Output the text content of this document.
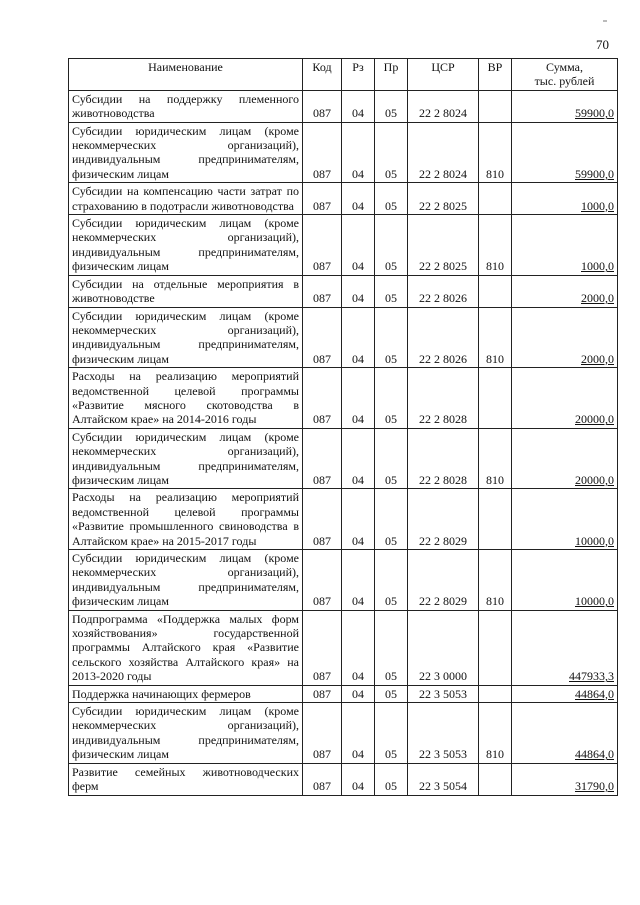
70
Наименование	Код	Рз	Пр	ЦСР	ВР	Сумма,
тыс. рублей
Субсидии на поддержку племенного животноводства	087	04	05	22 2 8024		59900,0
Субсидии юридическим лицам (кроме некоммерческих организаций), индивидуальным предпринимателям, физическим лицам	087	04	05	22 2 8024	810	59900,0
Субсидии на компенсацию части затрат по страхованию в подотрасли животноводства	087	04	05	22 2 8025		1000,0
Субсидии юридическим лицам (кроме некоммерческих организаций), индивидуальным предпринимателям, физическим лицам	087	04	05	22 2 8025	810	1000,0
Субсидии на отдельные мероприятия в животноводстве	087	04	05	22 2 8026		2000,0
Субсидии юридическим лицам (кроме некоммерческих организаций), индивидуальным предпринимателям, физическим лицам	087	04	05	22 2 8026	810	2000,0
Расходы на реализацию мероприятий ведомственной целевой программы «Развитие мясного скотоводства в Алтайском крае» на 2014-2016 годы	087	04	05	22 2 8028		20000,0
Субсидии юридическим лицам (кроме некоммерческих организаций), индивидуальным предпринимателям, физическим лицам	087	04	05	22 2 8028	810	20000,0
Расходы на реализацию мероприятий ведомственной целевой программы «Развитие промышленного свиноводства в Алтайском крае» на 2015-2017 годы	087	04	05	22 2 8029		10000,0
Субсидии юридическим лицам (кроме некоммерческих организаций), индивидуальным предпринимателям, физическим лицам	087	04	05	22 2 8029	810	10000,0
Подпрограмма «Поддержка малых форм хозяйствования» государственной программы Алтайского края «Развитие сельского хозяйства Алтайского края» на 2013-2020 годы	087	04	05	22 3 0000		447933,3
Поддержка начинающих фермеров	087	04	05	22 3 5053		44864,0
Субсидии юридическим лицам (кроме некоммерческих организаций), индивидуальным предпринимателям, физическим лицам	087	04	05	22 3 5053	810	44864,0
Развитие семейных животноводческих ферм	087	04	05	22 3 5054		31790,0
